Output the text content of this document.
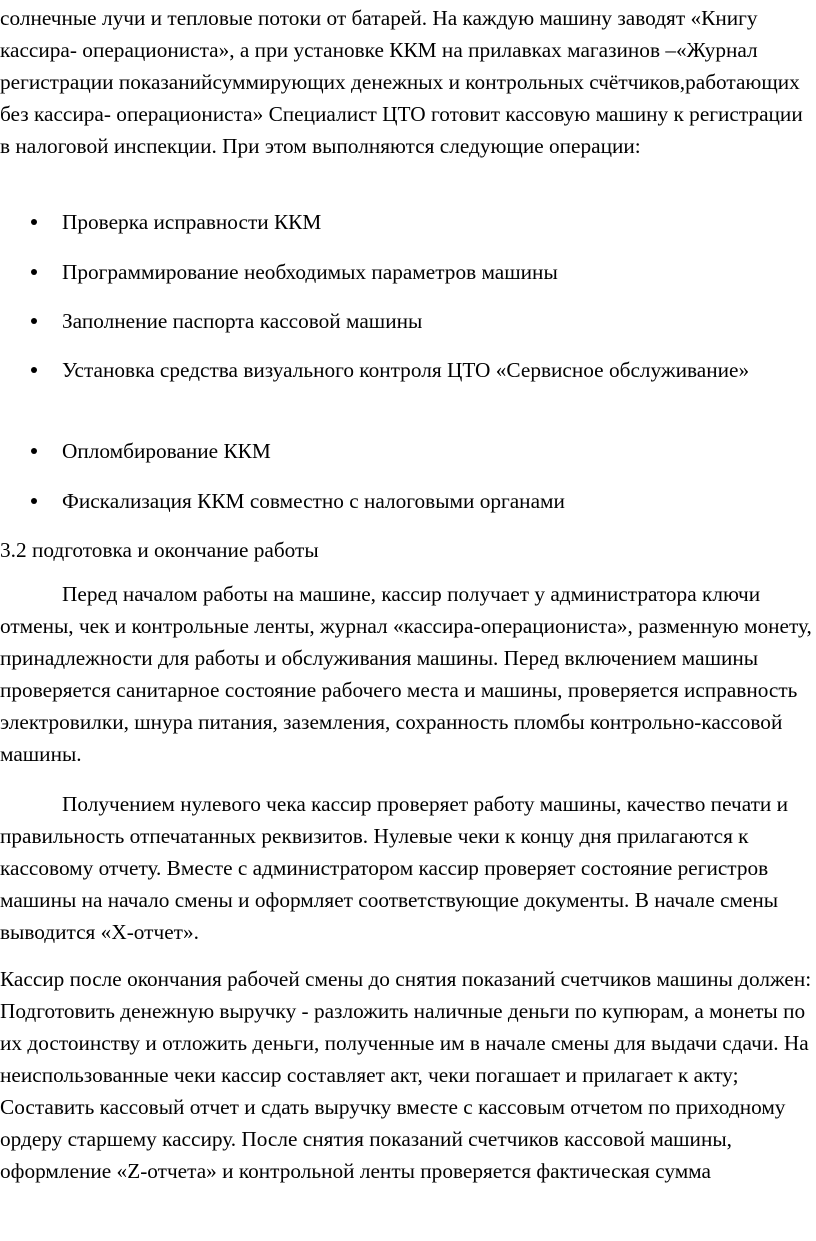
солнечные лучи и тепловые потоки от батарей. На каждую машину заводят «Книгу кассира- операциониста», а при установке ККМ на прилавках магазинов –«Журнал регистрации показанийсуммирующих денежных и контрольных счётчиков,работающих без кассира- операциониста» Специалист ЦТО готовит кассовую машину к регистрации в налоговой инспекции. При этом выполняются следующие операции:

Проверка исправности ККМ
Программирование необходимых параметров машины
Заполнение паспорта кассовой машины
Установка средства визуального контроля ЦТО «Сервисное обслуживание»
Опломбирование ККМ
Фискализация ККМ совместно с налоговыми органами

3.2 подготовка и окончание работы

Перед началом работы на машине, кассир получает у администратора ключи отмены, чек и контрольные ленты, журнал «кассира-операциониста», разменную монету, принадлежности для работы и обслуживания машины. Перед включением машины проверяется санитарное состояние рабочего места и машины, проверяется исправность электровилки, шнура питания, заземления, сохранность пломбы контрольно-кассовой машины.

Получением нулевого чека кассир проверяет работу машины, качество печати и правильность отпечатанных реквизитов. Нулевые чеки к концу дня прилагаются к кассовому отчету. Вместе с администратором кассир проверяет состояние регистров машины на начало смены и оформляет соответствующие документы. В начале смены выводится «Х-отчет».

Кассир после окончания рабочей смены до снятия показаний счетчиков машины должен: Подготовить денежную выручку - разложить наличные деньги по купюрам, а монеты по их достоинству и отложить деньги, полученные им в начале смены для выдачи сдачи. На неиспользованные чеки кассир составляет акт, чеки погашает и прилагает к акту; Составить кассовый отчет и сдать выручку вместе с кассовым отчетом по приходному ордеру старшему кассиру. После снятия показаний счетчиков кассовой машины, оформление «Z-отчета» и контрольной ленты проверяется фактическая сумма
